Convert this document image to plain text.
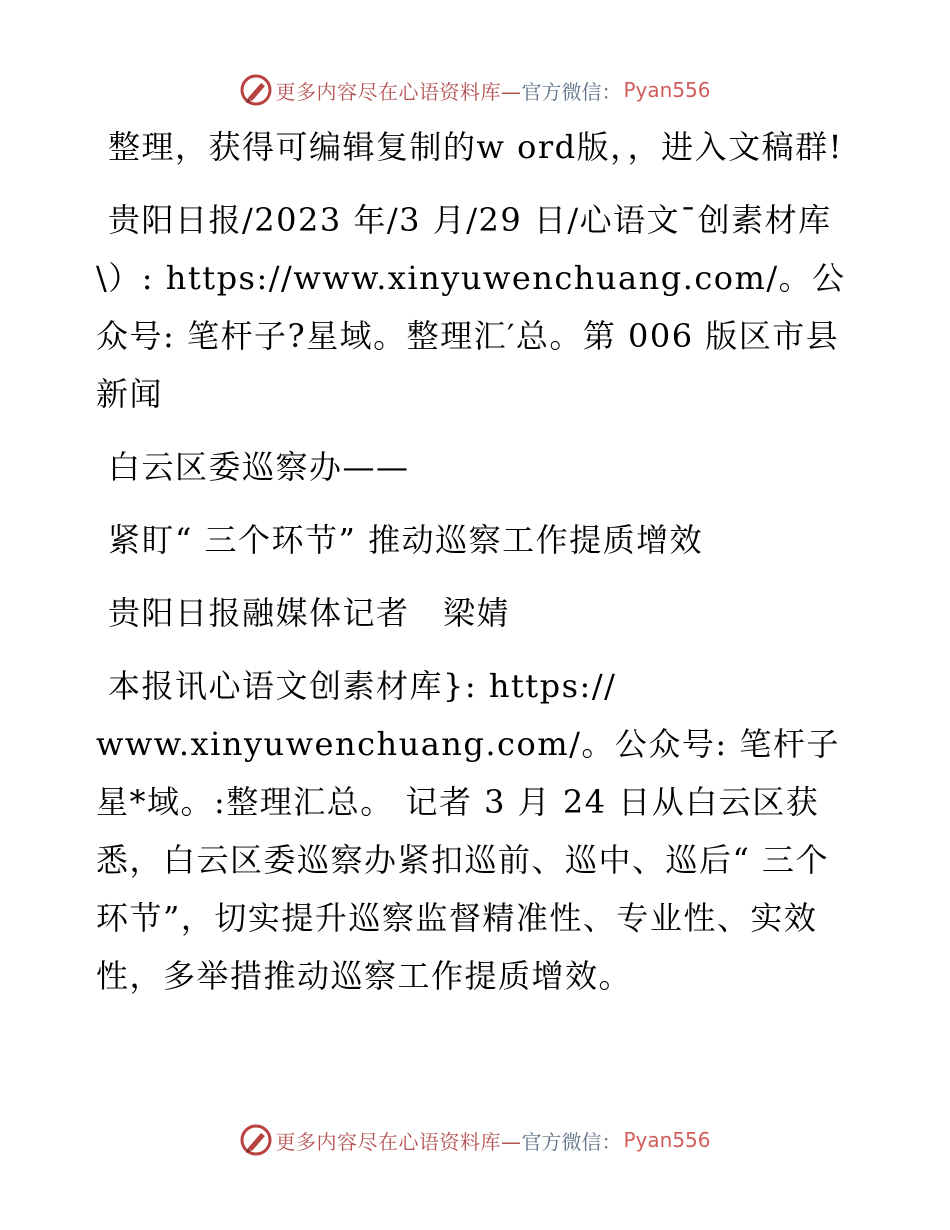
更多内容尽在心语资料库— 官方微信： Pyan556

整理，获得可编辑复制的w ord版，，进入文稿群!

贵阳日报/2023 年/3 月/29 日/心语文¯创素材库\）: https://www.xinyuwenchuang.com/。公众号: 笔杆子?星域。整理汇′总。第 006 版区市县新闻

白云区委巡察办——

紧盯“ 三个环节” 推动巡察工作提质增效

贵阳日报融媒体记者　梁婧

本报讯心语文创素材库}: https://

www.xinyuwenchuang.com/。公众号: 笔杆子星*域。:整理汇总。 记者 3 月 24 日从白云区获悉，白云区委巡察办紧扣巡前、巡中、巡后“ 三个环节”，切实提升巡察监督精准性、专业性、实效性，多举措推动巡察工作提质增效。

更多内容尽在心语资料库— 官方微信： Pyan556
